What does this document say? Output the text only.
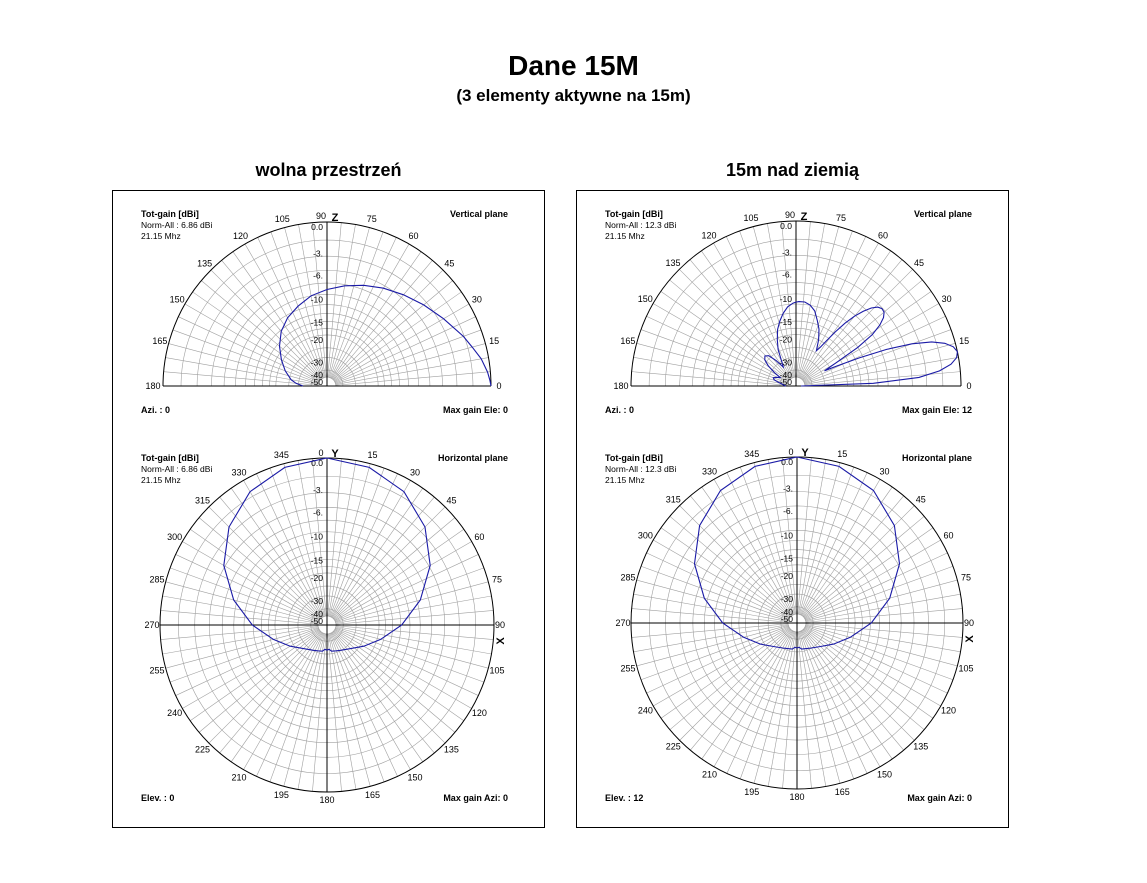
Dane 15M
(3 elementy aktywne na 15m)
wolna przestrzeń	15m nad ziemią
0.0
-3.
-6.
-10
-15
-20
-30
-40
-50
180
165
150
135
120
105	90	75
60
45
30
15
0
Z
Tot-gain [dBi]
Norm-All : 6.86 dBi
21.15 Mhz
Vertical plane
Azi. : 0	Max gain Ele: 0
0.0
-3.
-6.
-10
-15
-20
-30
-40
-50
0	15
30
45
60
75
90
105
120
135
150
165
180
195
210
225
240
255
270
285
300
315
330
345	Y
X
Tot-gain [dBi]
Norm-All : 6.86 dBi
21.15 Mhz
Horizontal plane
Elev. : 0	Max gain Azi: 0
0.0
-3.
-6.
-10
-15
-20
-30
-40
-50
180
165
150
135
120
105	90	75
60
45
30
15
0
Z
Tot-gain [dBi]
Norm-All : 12.3 dBi
21.15 Mhz
Vertical plane
Azi. : 0	Max gain Ele: 12
0.0
-3.
-6.
-10
-15
-20
-30
-40
-50
0	15
30
45
60
75
90
105
120
135
150
165
180
195
210
225
240
255
270
285
300
315
330
345	Y
X
Tot-gain [dBi]
Norm-All : 12.3 dBi
21.15 Mhz
Horizontal plane
Elev. : 12	Max gain Azi: 0
